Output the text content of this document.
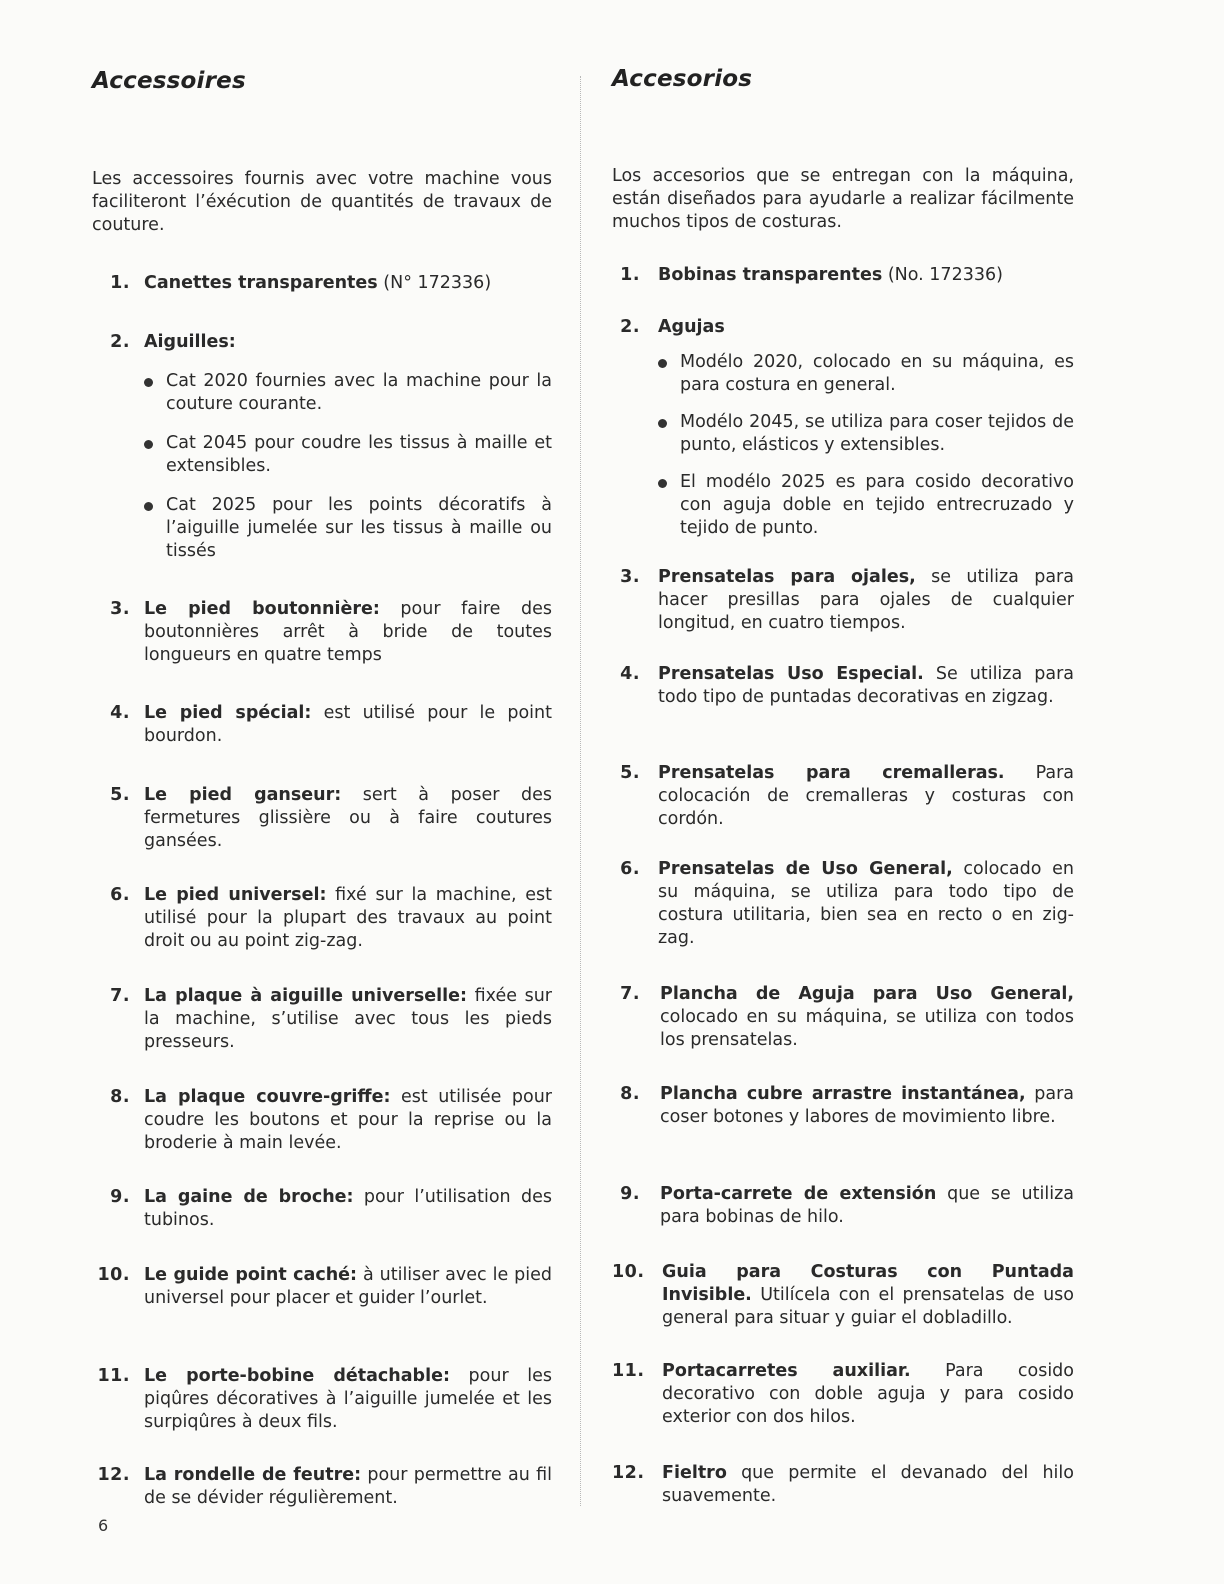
Accessoires

Les accessoires fournis avec votre machine vous faciliteront l’éxécution de quantités de travaux de couture.

1. Canettes transparentes (N° 172336)
2. Aiguilles:
Cat 2020 fournies avec la machine pour la couture courante.
Cat 2045 pour coudre les tissus à maille et extensibles.
Cat 2025 pour les points décoratifs à l’aiguille jumelée sur les tissus à maille ou tissés
3. Le pied boutonnière: pour faire des boutonnières arrêt à bride de toutes longueurs en quatre temps
4. Le pied spécial: est utilisé pour le point bourdon.
5. Le pied ganseur: sert à poser des fermetures glissière ou à faire coutures gansées.
6. Le pied universel: fixé sur la machine, est utilisé pour la plupart des travaux au point droit ou au point zig-zag.
7. La plaque à aiguille universelle: fixée sur la machine, s’utilise avec tous les pieds presseurs.
8. La plaque couvre-griffe: est utilisée pour coudre les boutons et pour la reprise ou la broderie à main levée.
9. La gaine de broche: pour l’utilisation des tubinos.
10. Le guide point caché: à utiliser avec le pied universel pour placer et guider l’ourlet.
11. Le porte-bobine détachable: pour les piqûres décoratives à l’aiguille jumelée et les surpiqûres à deux fils.
12. La rondelle de feutre: pour permettre au fil de se dévider régulièrement.
Accesorios

Los accesorios que se entregan con la máquina, están diseñados para ayudarle a realizar fácilmente muchos tipos de costuras.

1. Bobinas transparentes (No. 172336)
2. Agujas
Modélo 2020, colocado en su máquina, es para costura en general.
Modélo 2045, se utiliza para coser tejidos de punto, elásticos y extensibles.
El modélo 2025 es para cosido decorativo con aguja doble en tejido entrecruzado y tejido de punto.
3. Prensatelas para ojales, se utiliza para hacer presillas para ojales de cualquier longitud, en cuatro tiempos.
4. Prensatelas Uso Especial. Se utiliza para todo tipo de puntadas decorativas en zigzag.
5. Prensatelas para cremalleras. Para colocación de cremalleras y costuras con cordón.
6. Prensatelas de Uso General, colocado en su máquina, se utiliza para todo tipo de costura utilitaria, bien sea en recto o en zig-zag.
7. Plancha de Aguja para Uso General, colocado en su máquina, se utiliza con todos los prensatelas.
8. Plancha cubre arrastre instantánea, para coser botones y labores de movimiento libre.
9. Porta-carrete de extensión que se utiliza para bobinas de hilo.
10. Guia para Costuras con Puntada Invisible. Utilícela con el prensatelas de uso general para situar y guiar el dobladillo.
11. Portacarretes auxiliar. Para cosido decorativo con doble aguja y para cosido exterior con dos hilos.
12. Fieltro que permite el devanado del hilo suavemente.
6
